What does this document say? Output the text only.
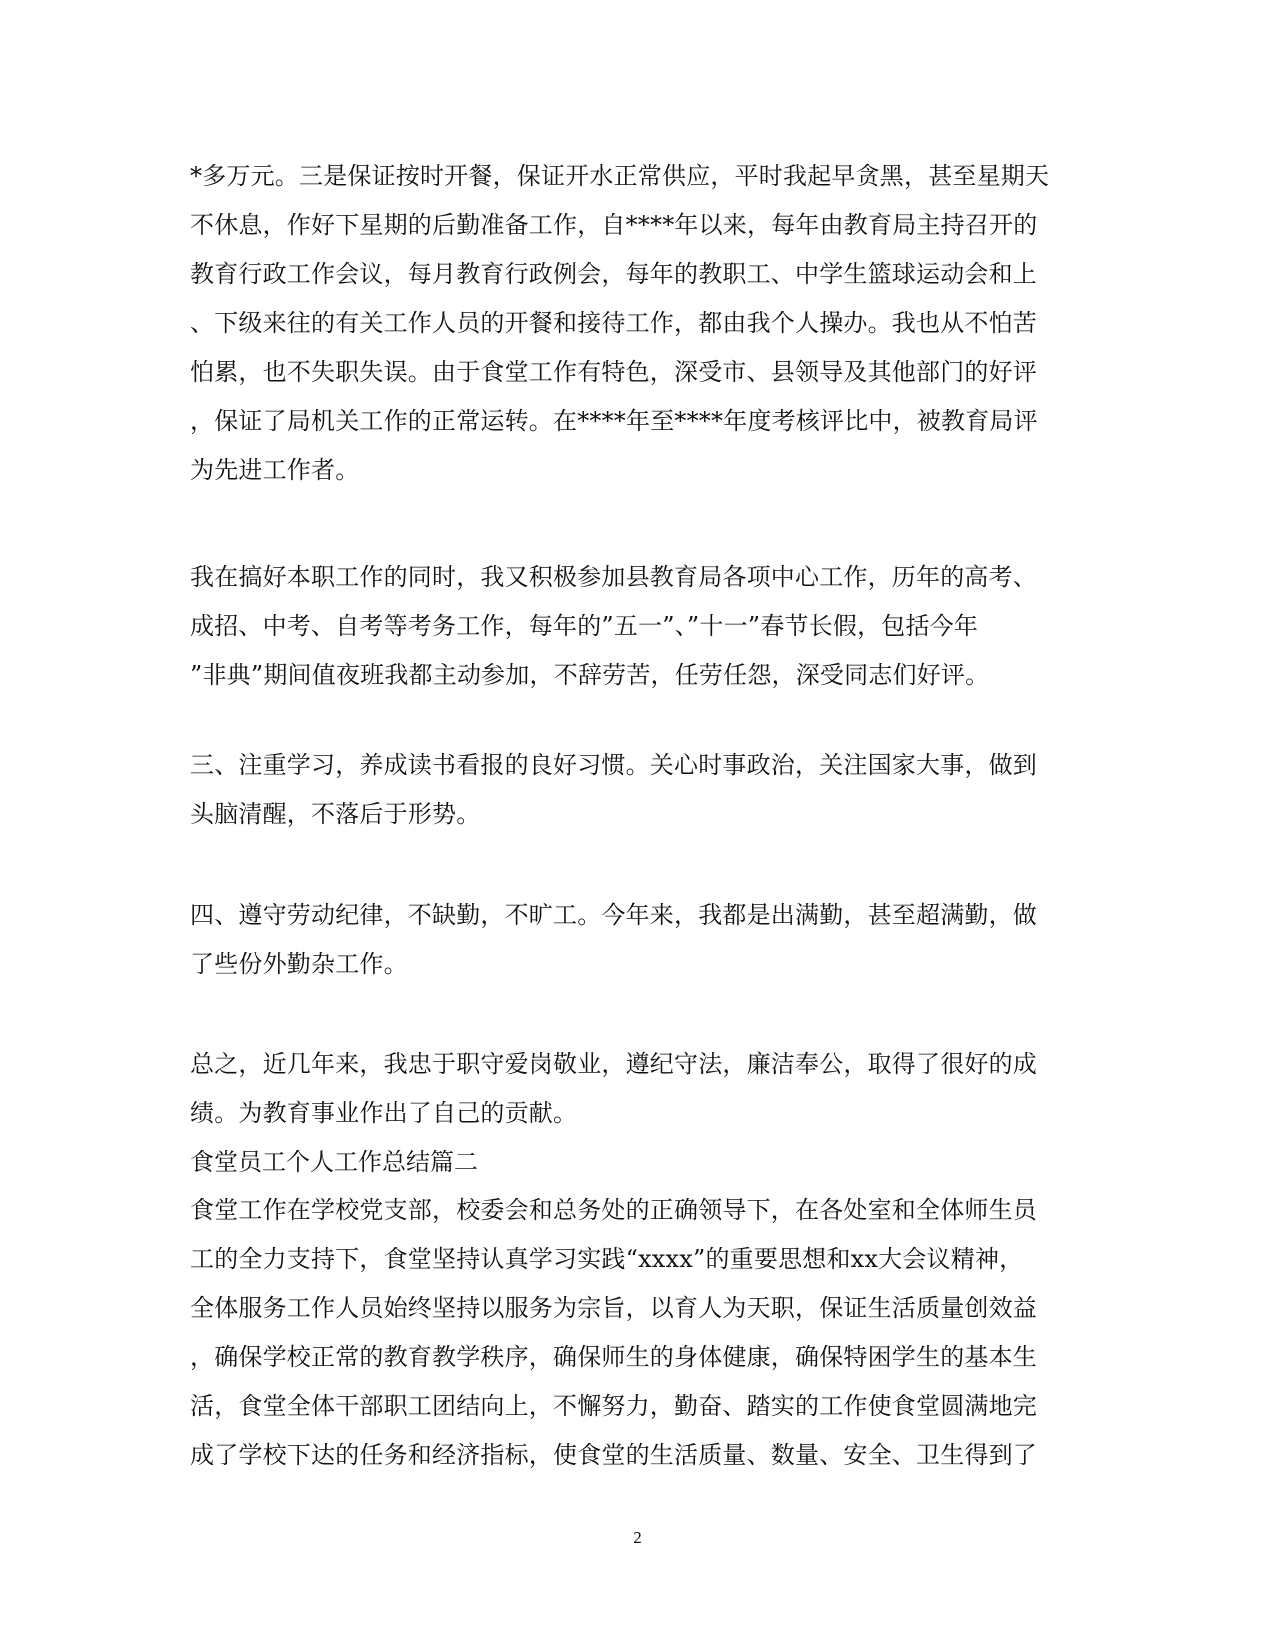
*多万元。三是保证按时开餐，保证开水正常供应，平时我起早贪黑，甚至星期天
不休息，作好下星期的后勤准备工作，自****年以来，每年由教育局主持召开的
教育行政工作会议，每月教育行政例会，每年的教职工、中学生篮球运动会和上
、下级来往的有关工作人员的开餐和接待工作，都由我个人操办。我也从不怕苦
怕累，也不失职失误。由于食堂工作有特色，深受市、县领导及其他部门的好评
，保证了局机关工作的正常运转。在****年至****年度考核评比中，被教育局评
为先进工作者。
我在搞好本职工作的同时，我又积极参加县教育局各项中心工作，历年的高考、
成招、中考、自考等考务工作，每年的”五一”、”十一”春节长假，包括今年
”非典”期间值夜班我都主动参加，不辞劳苦，任劳任怨，深受同志们好评。
三、注重学习，养成读书看报的良好习惯。关心时事政治，关注国家大事，做到
头脑清醒，不落后于形势。
四、遵守劳动纪律，不缺勤，不旷工。今年来，我都是出满勤，甚至超满勤，做
了些份外勤杂工作。
总之，近几年来，我忠于职守爱岗敬业，遵纪守法，廉洁奉公，取得了很好的成
绩。为教育事业作出了自己的贡献。
食堂员工个人工作总结篇二
食堂工作在学校党支部，校委会和总务处的正确领导下，在各处室和全体师生员
工的全力支持下，食堂坚持认真学习实践“xxxx”的重要思想和xx大会议精神，
全体服务工作人员始终坚持以服务为宗旨，以育人为天职，保证生活质量创效益
，确保学校正常的教育教学秩序，确保师生的身体健康，确保特困学生的基本生
活，食堂全体干部职工团结向上，不懈努力，勤奋、踏实的工作使食堂圆满地完
成了学校下达的任务和经济指标，使食堂的生活质量、数量、安全、卫生得到了
2
